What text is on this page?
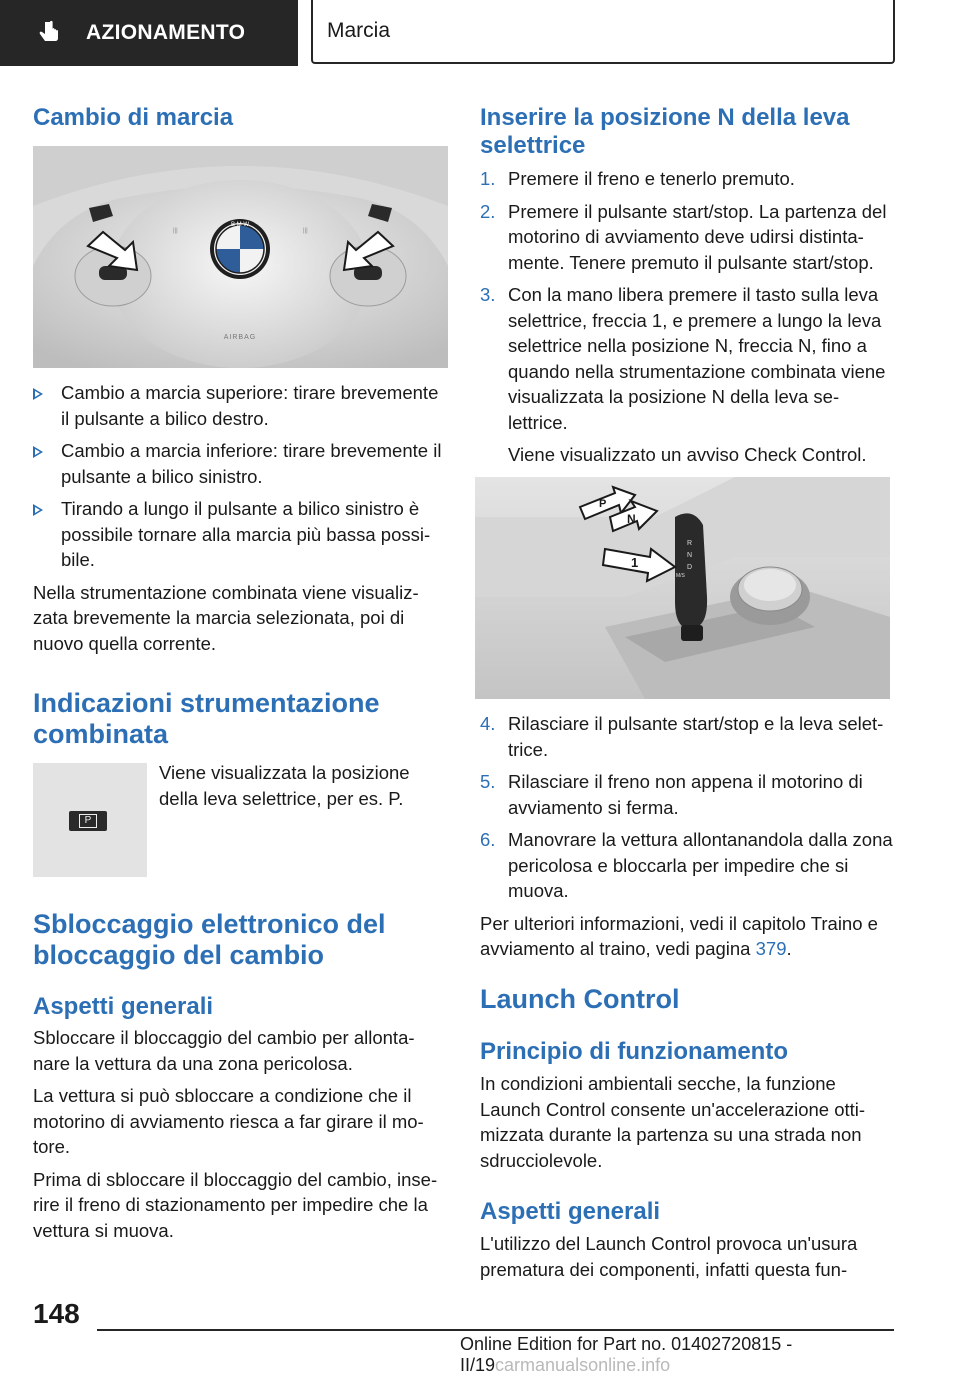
AZIONAMENTO	Marcia
Cambio di marcia
B M W
AIRBAG
|||	|||
Cambio a marcia superiore: tirare brevemente il pulsante a bilico destro.
Cambio a marcia inferiore: tirare brevemente il pulsante a bilico sinistro.
Tirando a lungo il pulsante a bilico sinistro è possibile tornare alla marcia più bassa possi-bile.

Nella strumentazione combinata viene visualiz-zata brevemente la marcia selezionata, poi di nuovo quella corrente.

Indicazioni strumentazione combinata
P

Viene visualizzata la posizione della leva selettrice, per es. P.

Sbloccaggio elettronico del bloccaggio del cambio
Aspetti generali

Sbloccare il bloccaggio del cambio per allonta-nare la vettura da una zona pericolosa.

La vettura si può sbloccare a condizione che il motorino di avviamento riesca a far girare il mo-tore.

Prima di sbloccare il bloccaggio del cambio, inse-rire il freno di stazionamento per impedire che la vettura si muova.

Inserire la posizione N della leva selettrice
1. Premere il freno e tenerlo premuto.
2. Premere il pulsante start/stop. La partenza del motorino di avviamento deve udirsi distinta-mente. Tenere premuto il pulsante start/stop.
3. Con la mano libera premere il tasto sulla leva selettrice, freccia 1, e premere a lungo la leva selettrice nella posizione N, freccia N, fino a quando nella strumentazione combinata viene visualizzata la posizione N della leva se-lettrice.

Viene visualizzato un avviso Check Control.

R
N
D
M/S
P
N
1
4. Rilasciare il pulsante start/stop e la leva selet-trice.
5. Rilasciare il freno non appena il motorino di avviamento si ferma.
6. Manovrare la vettura allontanandola dalla zona pericolosa e bloccarla per impedire che si muova.

Per ulteriori informazioni, vedi il capitolo Traino e avviamento al traino, vedi pagina 379.

Launch Control
Principio di funzionamento

In condizioni ambientali secche, la funzione Launch Control consente un'accelerazione otti-mizzata durante la partenza su una strada non sdrucciolevole.

Aspetti generali

L'utilizzo del Launch Control provoca un'usura prematura dei componenti, infatti questa fun-

148
Online Edition for Part no. 01402720815 - II/19carmanualsonline.info
